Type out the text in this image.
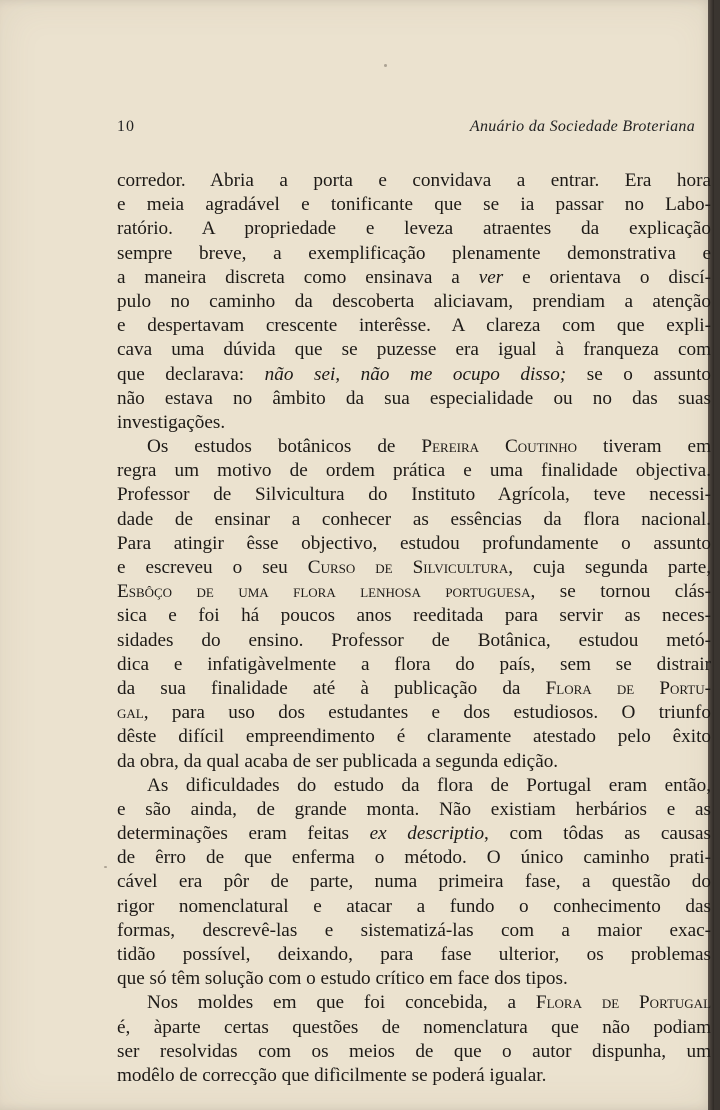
10	Anuário da Sociedade Broteriana
corredor. Abria a porta e convidava a entrar. Era hora
e meia agradável e tonificante que se ia passar no Labo-
ratório. A propriedade e leveza atraentes da explicação
sempre breve, a exemplificação plenamente demonstrativa e
a maneira discreta como ensinava a ver e orientava o discí-
pulo no caminho da descoberta aliciavam, prendiam a atenção
e despertavam crescente interêsse. A clareza com que expli-
cava uma dúvida que se puzesse era igual à franqueza com
que declarava: não sei, não me ocupo disso; se o assunto
não estava no âmbito da sua especialidade ou no das suas
investigações.
Os estudos botânicos de Pereira Coutinho tiveram em
regra um motivo de ordem prática e uma finalidade objectiva.
Professor de Silvicultura do Instituto Agrícola, teve necessi-
dade de ensinar a conhecer as essências da flora nacional.
Para atingir êsse objectivo, estudou profundamente o assunto
e escreveu o seu Curso de Silvicultura, cuja segunda parte,
Esbôço de uma flora lenhosa portuguesa, se tornou clás-
sica e foi há poucos anos reeditada para servir as neces-
sidades do ensino. Professor de Botânica, estudou metó-
dica e infatigàvelmente a flora do país, sem se distrair
da sua finalidade até à publicação da Flora de Portu-
gal, para uso dos estudantes e dos estudiosos. O triunfo
dêste difícil empreendimento é claramente atestado pelo êxito
da obra, da qual acaba de ser publicada a segunda edição.
As dificuldades do estudo da flora de Portugal eram então,
e são ainda, de grande monta. Não existiam herbários e as
determinações eram feitas ex descriptio, com tôdas as causas
de êrro de que enferma o método. O único caminho prati-
cável era pôr de parte, numa primeira fase, a questão do
rigor nomenclatural e atacar a fundo o conhecimento das
formas, descrevê-las e sistematizá-las com a maior exac-
tidão possível, deixando, para fase ulterior, os problemas
que só têm solução com o estudo crítico em face dos tipos.
Nos moldes em que foi concebida, a Flora de Portugal
é, àparte certas questões de nomenclatura que não podiam
ser resolvidas com os meios de que o autor dispunha, um
modêlo de correcção que difìcilmente se poderá igualar.
